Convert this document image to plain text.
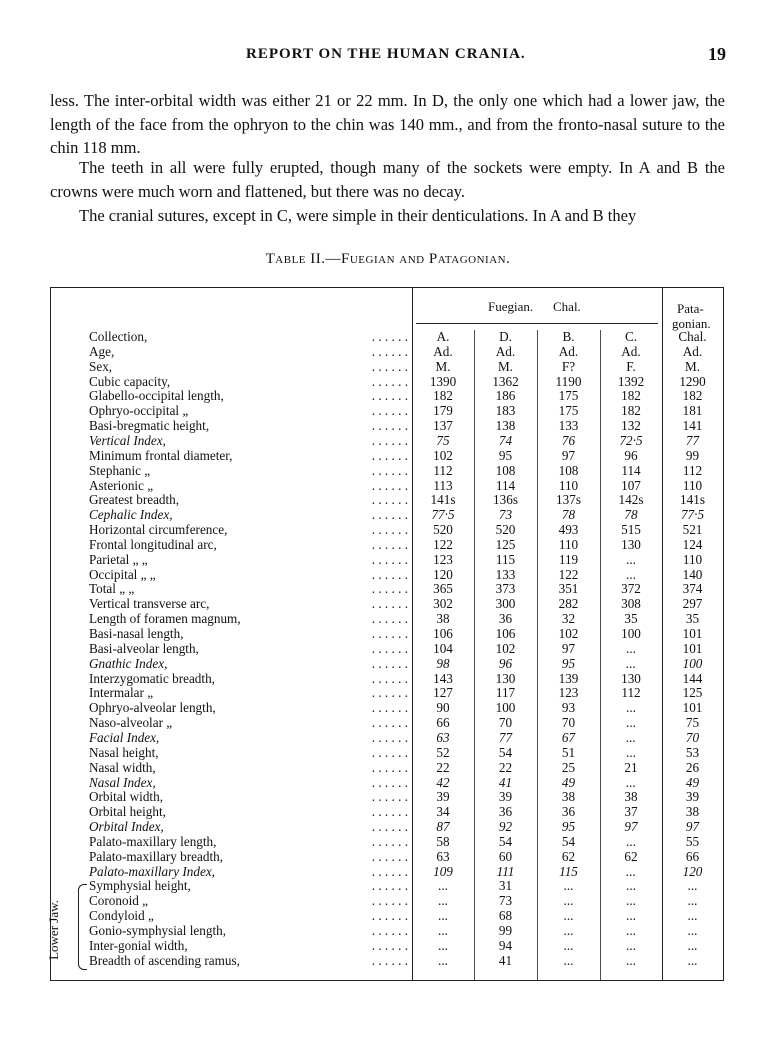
REPORT ON THE HUMAN CRANIA.	19

less. The inter-orbital width was either 21 or 22 mm. In D, the only one which had a lower jaw, the length of the face from the ophryon to the chin was 140 mm., and from the fronto-nasal suture to the chin 118 mm.

The teeth in all were fully erupted, though many of the sockets were empty. In A and B the crowns were much worn and flattened, but there was no decay.

The cranial sutures, except in C, were simple in their denticulations. In A and B they

Table II.—Fuegian and Patagonian.
Fuegian. Chal.	Pata-
gonian.
Lower Jaw.
Collection,	. . . . . .	A.	D.	B.	C.	Chal.
Age,	. . . . . .	Ad.	Ad.	Ad.	Ad.	Ad.
Sex,	. . . . . .	M.	M.	F?	F.	M.
Cubic capacity,	. . . . . .	1390	1362	1190	1392	1290
Glabello-occipital length,	. . . . . .	182	186	175	182	182
Ophryo-occipital „	. . . . . .	179	183	175	182	181
Basi-bregmatic height,	. . . . . .	137	138	133	132	141
Vertical Index,	. . . . . .	75	74	76	72·5	77
Minimum frontal diameter,	. . . . . .	102	95	97	96	99
Stephanic „	. . . . . .	112	108	108	114	112
Asterionic „	. . . . . .	113	114	110	107	110
Greatest breadth,	. . . . . .	141s	136s	137s	142s	141s
Cephalic Index,	. . . . . .	77·5	73	78	78	77·5
Horizontal circumference,	. . . . . .	520	520	493	515	521
Frontal longitudinal arc,	. . . . . .	122	125	110	130	124
Parietal „ „	. . . . . .	123	115	119	...	110
Occipital „ „	. . . . . .	120	133	122	...	140
Total „ „	. . . . . .	365	373	351	372	374
Vertical transverse arc,	. . . . . .	302	300	282	308	297
Length of foramen magnum,	. . . . . .	38	36	32	35	35
Basi-nasal length,	. . . . . .	106	106	102	100	101
Basi-alveolar length,	. . . . . .	104	102	97	...	101
Gnathic Index,	. . . . . .	98	96	95	...	100
Interzygomatic breadth,	. . . . . .	143	130	139	130	144
Intermalar „	. . . . . .	127	117	123	112	125
Ophryo-alveolar length,	. . . . . .	90	100	93	...	101
Naso-alveolar „	. . . . . .	66	70	70	...	75
Facial Index,	. . . . . .	63	77	67	...	70
Nasal height,	. . . . . .	52	54	51	...	53
Nasal width,	. . . . . .	22	22	25	21	26
Nasal Index,	. . . . . .	42	41	49	...	49
Orbital width,	. . . . . .	39	39	38	38	39
Orbital height,	. . . . . .	34	36	36	37	38
Orbital Index,	. . . . . .	87	92	95	97	97
Palato-maxillary length,	. . . . . .	58	54	54	...	55
Palato-maxillary breadth,	. . . . . .	63	60	62	62	66
Palato-maxillary Index,	. . . . . .	109	111	115	...	120
Symphysial height,	. . . . . .	...	31	...	...	...
Coronoid „	. . . . . .	...	73	...	...	...
Condyloid „	. . . . . .	...	68	...	...	...
Gonio-symphysial length,	. . . . . .	...	99	...	...	...
Inter-gonial width,	. . . . . .	...	94	...	...	...
Breadth of ascending ramus,	. . . . . .	...	41	...	...	...
